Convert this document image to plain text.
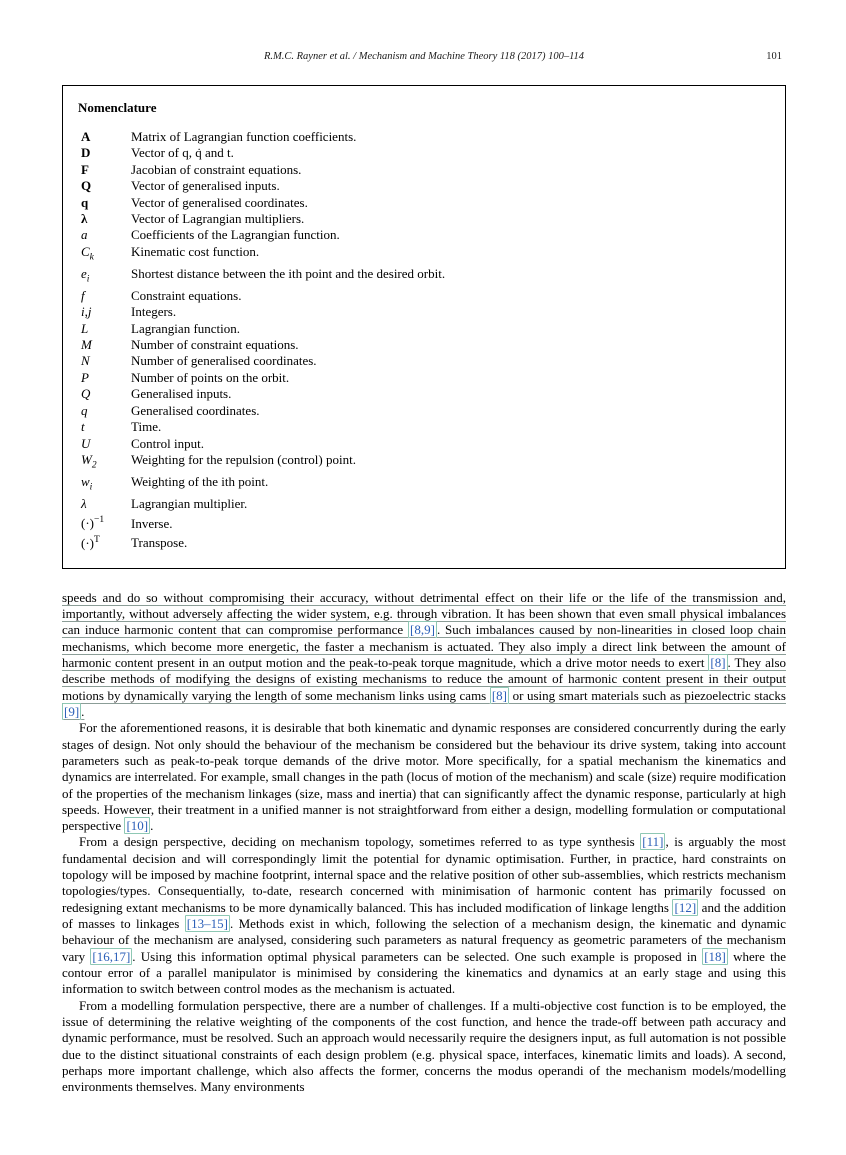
R.M.C. Rayner et al. / Mechanism and Machine Theory 118 (2017) 100–114	101
Nomenclature
A	Matrix of Lagrangian function coefficients.
D	Vector of q, q̇ and t.
F	Jacobian of constraint equations.
Q	Vector of generalised inputs.
q	Vector of generalised coordinates.
λ	Vector of Lagrangian multipliers.
a	Coefficients of the Lagrangian function.
$C_k$	Kinematic cost function.
$e_i$	Shortest distance between the ith point and the desired orbit.
f	Constraint equations.
i,j	Integers.
L	Lagrangian function.
M	Number of constraint equations.
N	Number of generalised coordinates.
P	Number of points on the orbit.
Q	Generalised inputs.
q	Generalised coordinates.
t	Time.
U	Control input.
$W_2$	Weighting for the repulsion (control) point.
$w_i$	Weighting of the ith point.
λ	Lagrangian multiplier.
$(\cdot)^{-1}$	Inverse.
$(\cdot)^T$	Transpose.

speeds and do so without compromising their accuracy, without detrimental effect on their life or the life of the transmission and, importantly, without adversely affecting the wider system, e.g. through vibration. It has been shown that even small physical imbalances can induce harmonic content that can compromise performance [8,9] . Such imbalances caused by non-linearities in closed loop chain mechanisms, which become more energetic, the faster a mechanism is actuated. They also imply a direct link between the amount of harmonic content present in an output motion and the peak-to-peak torque magnitude, which a drive motor needs to exert [8] . They also describe methods of modifying the designs of existing mechanisms to reduce the amount of harmonic content present in their output motions by dynamically varying the length of some mechanism links using cams [8] or using smart materials such as piezoelectric stacks [9] .

For the aforementioned reasons, it is desirable that both kinematic and dynamic responses are considered concurrently during the early stages of design. Not only should the behaviour of the mechanism be considered but the behaviour its drive system, taking into account parameters such as peak-to-peak torque demands of the drive motor. More specifically, for a spatial mechanism the kinematics and dynamics are interrelated. For example, small changes in the path (locus of motion of the mechanism) and scale (size) require modification of the properties of the mechanism linkages (size, mass and inertia) that can significantly affect the dynamic response, particularly at high speeds. However, their treatment in a unified manner is not straightforward from either a design, modelling formulation or computational perspective [10] .

From a design perspective, deciding on mechanism topology, sometimes referred to as type synthesis [11] , is arguably the most fundamental decision and will correspondingly limit the potential for dynamic optimisation. Further, in practice, hard constraints on topology will be imposed by machine footprint, internal space and the relative position of other sub-assemblies, which restricts mechanism topologies/types. Consequentially, to-date, research concerned with minimisation of harmonic content has primarily focussed on redesigning extant mechanisms to be more dynamically balanced. This has included modification of linkage lengths [12] and the addition of masses to linkages [13–15] . Methods exist in which, following the selection of a mechanism design, the kinematic and dynamic behaviour of the mechanism are analysed, considering such parameters as natural frequency as geometric parameters of the mechanism vary [16,17] . Using this information optimal physical parameters can be selected. One such example is proposed in [18] where the contour error of a parallel manipulator is minimised by considering the kinematics and dynamics at an early stage and using this information to switch between control modes as the mechanism is actuated.

From a modelling formulation perspective, there are a number of challenges. If a multi-objective cost function is to be employed, the issue of determining the relative weighting of the components of the cost function, and hence the trade-off between path accuracy and dynamic performance, must be resolved. Such an approach would necessarily require the designers input, as full automation is not possible due to the distinct situational constraints of each design problem (e.g. physical space, interfaces, kinematic limits and loads). A second, perhaps more important challenge, which also affects the former, concerns the modus operandi of the mechanism models/modelling environments themselves. Many environments
